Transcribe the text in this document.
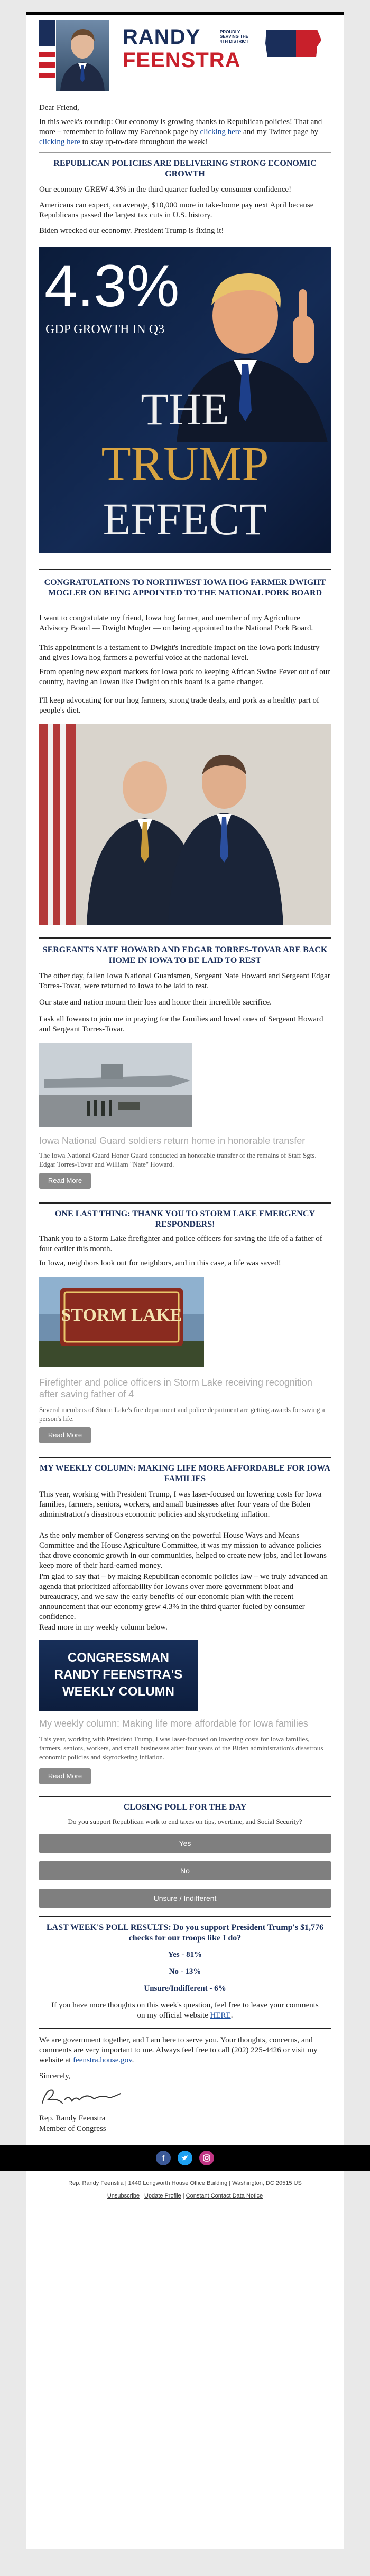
RANDY
FEENSTRA
PROUDLY
SERVING THE
4TH DISTRICT

Dear Friend,

In this week's roundup: Our economy is growing thanks to Republican policies! That and more – remember to follow my Facebook page by clicking here and my Twitter page by clicking here to stay up-to-date throughout the week!

REPUBLICAN POLICIES ARE DELIVERING STRONG ECONOMIC GROWTH

Our economy GREW 4.3% in the third quarter fueled by consumer confidence!

Americans can expect, on average, $10,000 more in take-home pay next April because Republicans passed the largest tax cuts in U.S. history.

Biden wrecked our economy. President Trump is fixing it!

4.3%
GDP GROWTH IN Q3
THE
TRUMP
EFFECT
CONGRATULATIONS TO NORTHWEST IOWA HOG FARMER DWIGHT MOGLER ON BEING APPOINTED TO THE NATIONAL PORK BOARD

I want to congratulate my friend, Iowa hog farmer, and member of my Agriculture Advisory Board — Dwight Mogler — on being appointed to the National Pork Board.

This appointment is a testament to Dwight's incredible impact on the Iowa pork industry and gives Iowa hog farmers a powerful voice at the national level.

From opening new export markets for Iowa pork to keeping African Swine Fever out of our country, having an Iowan like Dwight on this board is a game changer.

I'll keep advocating for our hog farmers, strong trade deals, and pork as a healthy part of people's diet.

SERGEANTS NATE HOWARD AND EDGAR TORRES-TOVAR ARE BACK HOME IN IOWA TO BE LAID TO REST

The other day, fallen Iowa National Guardsmen, Sergeant Nate Howard and Sergeant Edgar Torres-Tovar, were returned to Iowa to be laid to rest.

Our state and nation mourn their loss and honor their incredible sacrifice.

I ask all Iowans to join me in praying for the families and loved ones of Sergeant Howard and Sergeant Torres-Tovar.

Iowa National Guard soldiers return home in honorable transfer

The Iowa National Guard Honor Guard conducted an honorable transfer of the remains of Staff Sgts. Edgar Torres-Tovar and William "Nate" Howard.

Read More
ONE LAST THING: THANK YOU TO STORM LAKE EMERGENCY RESPONDERS!

Thank you to a Storm Lake firefighter and police officers for saving the life of a father of four earlier this month.

In Iowa, neighbors look out for neighbors, and in this case, a life was saved!

STORM LAKE
Firefighter and police officers in Storm Lake receiving recognition after saving father of 4

Several members of Storm Lake's fire department and police department are getting awards for saving a person's life.

Read More
MY WEEKLY COLUMN: MAKING LIFE MORE AFFORDABLE FOR IOWA FAMILIES

This year, working with President Trump, I was laser-focused on lowering costs for Iowa families, farmers, seniors, workers, and small businesses after four years of the Biden administration's disastrous economic policies and skyrocketing inflation.

As the only member of Congress serving on the powerful House Ways and Means Committee and the House Agriculture Committee, it was my mission to advance policies that drove economic growth in our communities, helped to create new jobs, and let Iowans keep more of their hard-earned money.

I'm glad to say that – by making Republican economic policies law – we truly advanced an agenda that prioritized affordability for Iowans over more government bloat and bureaucracy, and we saw the early benefits of our economic plan with the recent announcement that our economy grew 4.3% in the third quarter fueled by consumer confidence.

Read more in my weekly column below.

CONGRESSMAN
RANDY FEENSTRA'S
WEEKLY COLUMN
My weekly column: Making life more affordable for Iowa families

This year, working with President Trump, I was laser-focused on lowering costs for Iowa families, farmers, seniors, workers, and small businesses after four years of the Biden administration's disastrous economic policies and skyrocketing inflation.

Read More
CLOSING POLL FOR THE DAY

Do you support Republican work to end taxes on tips, overtime, and Social Security?

Yes
No
Unsure / Indifferent
LAST WEEK'S POLL RESULTS: Do you support President Trump's $1,776 checks for our troops like I do?

Yes - 81%

No - 13%

Unsure/Indifferent - 6%

If you have more thoughts on this week's question, feel free to leave your comments on my official website HERE.

We are government together, and I am here to serve you. Your thoughts, concerns, and comments are very important to me. Always feel free to call (202) 225-4426 or visit my website at feenstra.house.gov.

Sincerely,

Rep. Randy Feenstra

Member of Congress

f
Rep. Randy Feenstra | 1440 Longworth House Office Building | Washington, DC 20515 US
Unsubscribe | Update Profile | Constant Contact Data Notice
